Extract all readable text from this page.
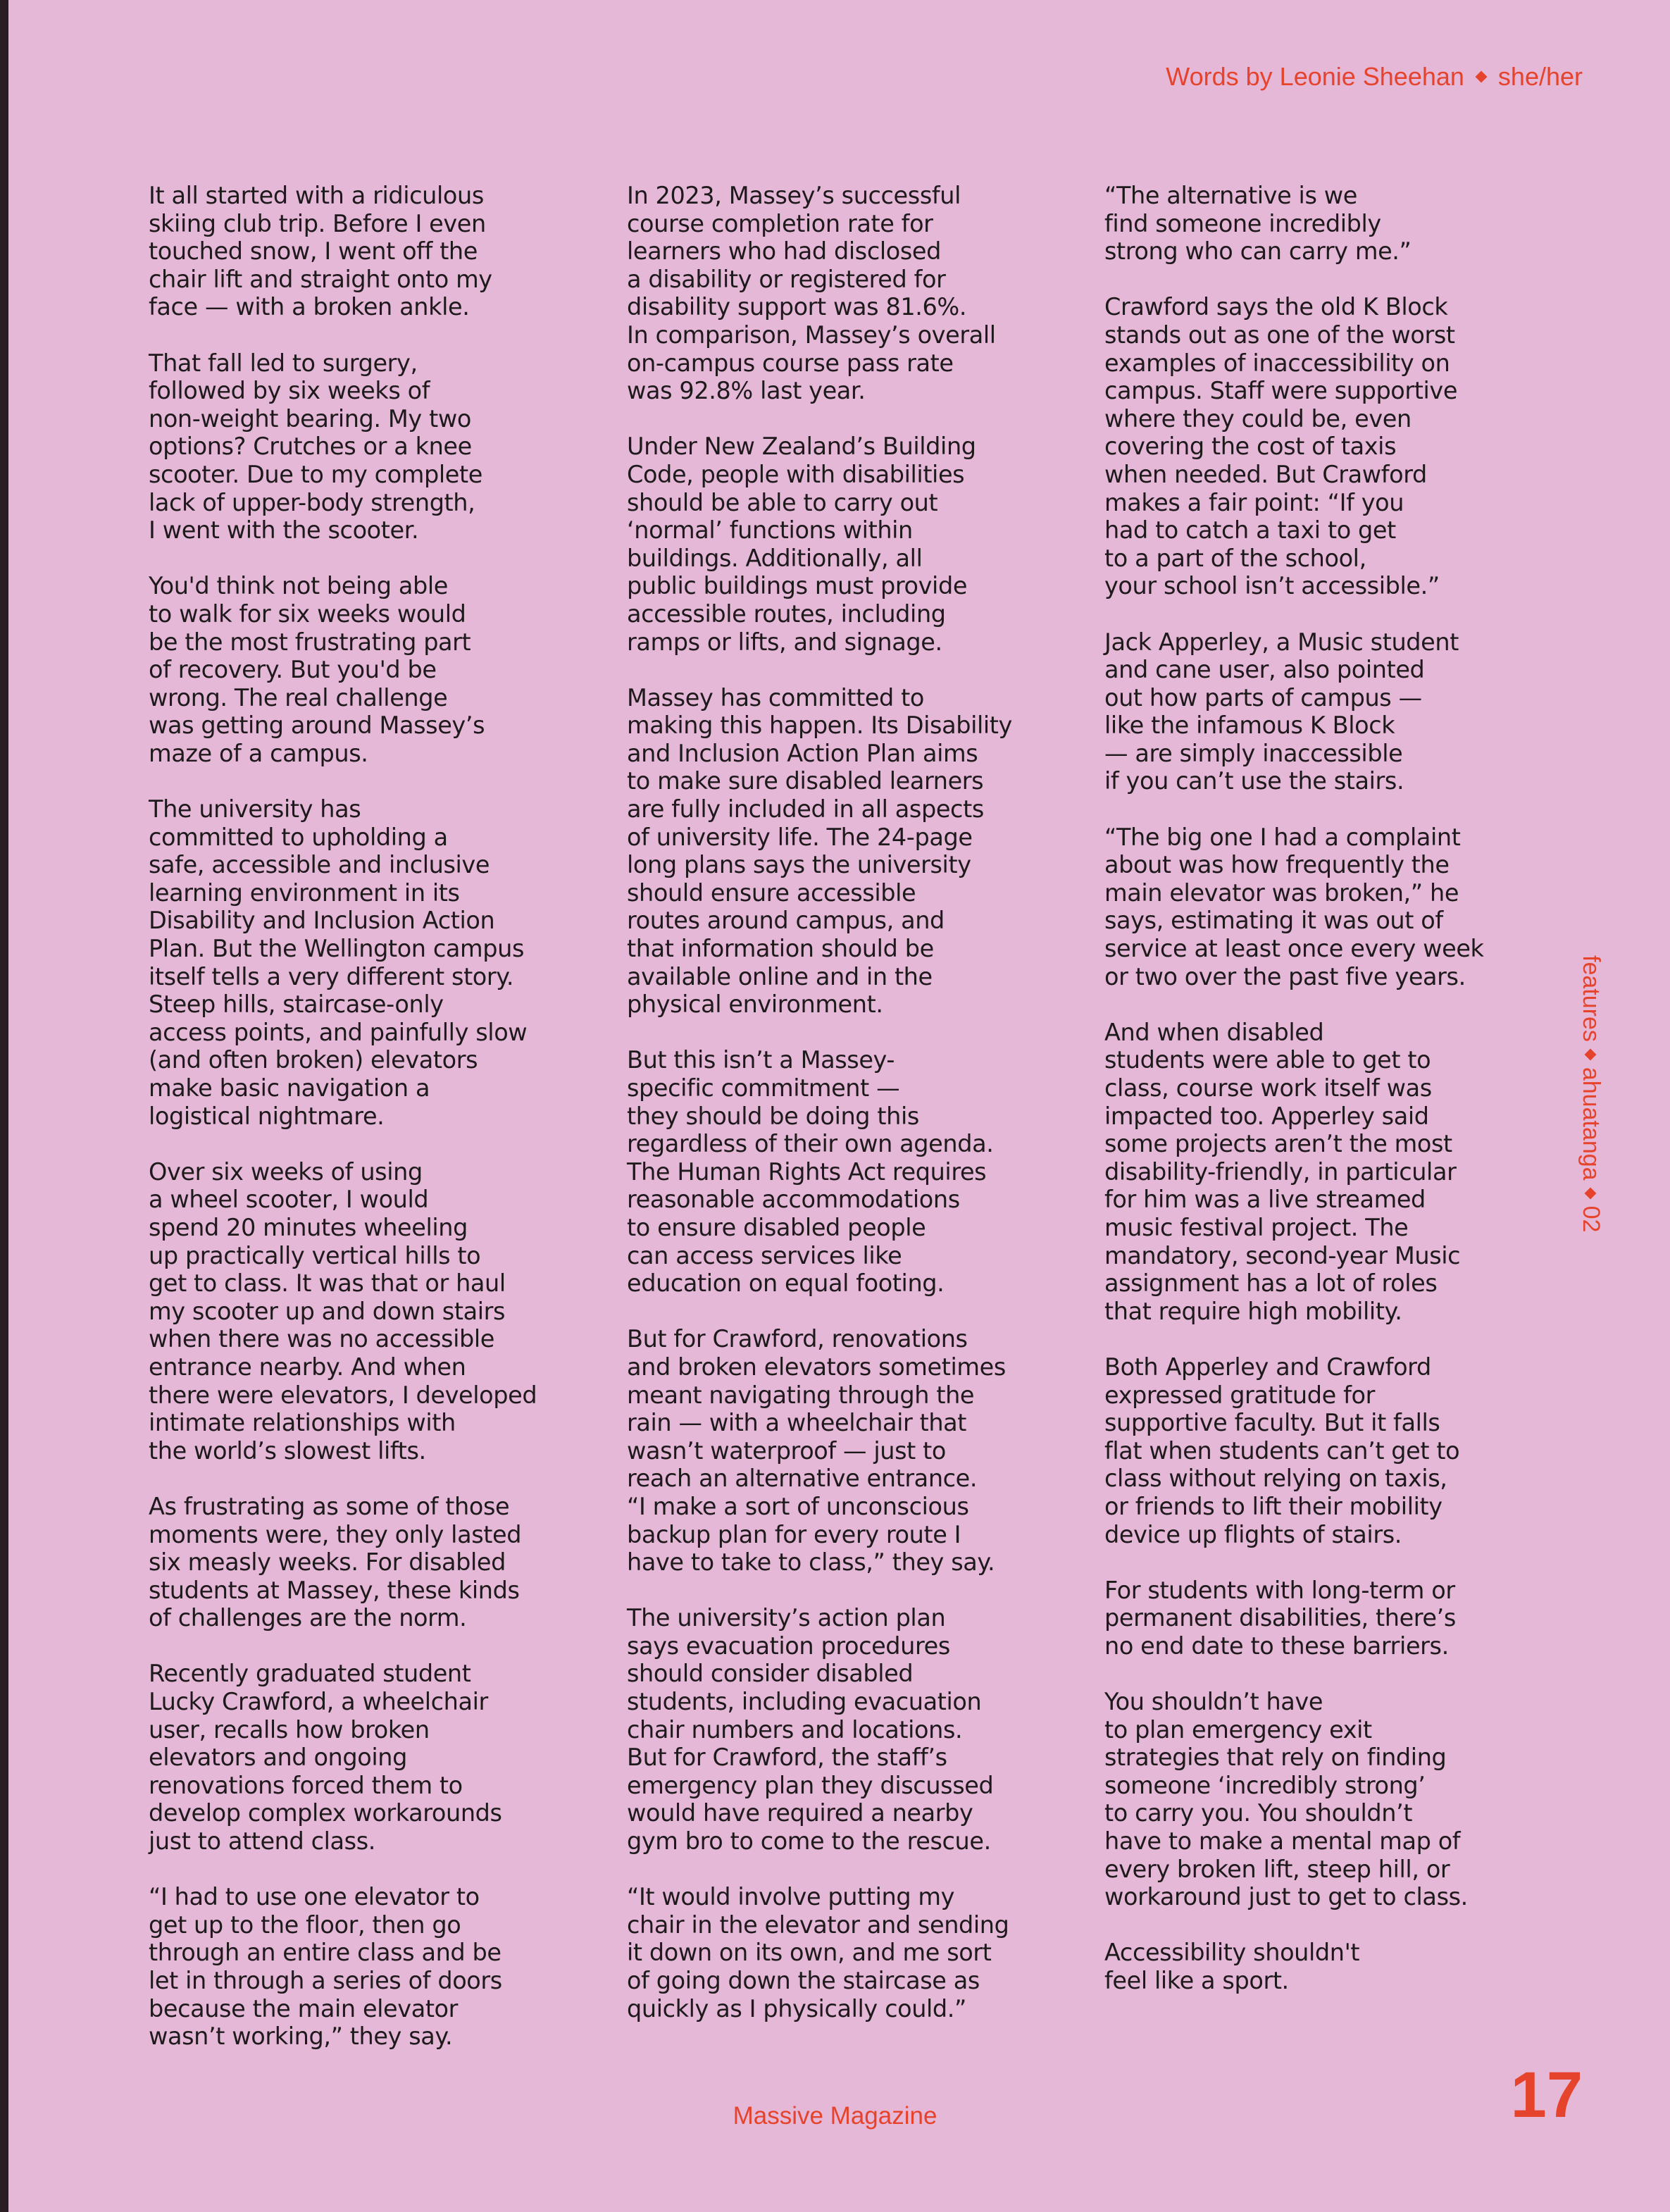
Words by Leonie Sheehan she/her

It all started with a ridiculous
skiing club trip. Before I even
touched snow, I went off the
chair lift and straight onto my
face — with a broken ankle.

That fall led to surgery,
followed by six weeks of
non-weight bearing. My two
options? Crutches or a knee
scooter. Due to my complete
lack of upper-body strength,
I went with the scooter.

You'd think not being able
to walk for six weeks would
be the most frustrating part
of recovery. But you'd be
wrong. The real challenge
was getting around Massey’s
maze of a campus.

The university has
committed to upholding a
safe, accessible and inclusive
learning environment in its
Disability and Inclusion Action
Plan. But the Wellington campus
itself tells a very different story.
Steep hills, staircase-only
access points, and painfully slow
(and often broken) elevators
make basic navigation a
logistical nightmare.

Over six weeks of using
a wheel scooter, I would
spend 20 minutes wheeling
up practically vertical hills to
get to class. It was that or haul
my scooter up and down stairs
when there was no accessible
entrance nearby. And when
there were elevators, I developed
intimate relationships with
the world’s slowest lifts.

As frustrating as some of those
moments were, they only lasted
six measly weeks. For disabled
students at Massey, these kinds
of challenges are the norm.

Recently graduated student
Lucky Crawford, a wheelchair
user, recalls how broken
elevators and ongoing
renovations forced them to
develop complex workarounds
just to attend class.

“I had to use one elevator to
get up to the floor, then go
through an entire class and be
let in through a series of doors
because the main elevator
wasn’t working,” they say.

In 2023, Massey’s successful
course completion rate for
learners who had disclosed
a disability or registered for
disability support was 81.6%.
In comparison, Massey’s overall
on-campus course pass rate
was 92.8% last year.

Under New Zealand’s Building
Code, people with disabilities
should be able to carry out
‘normal’ functions within
buildings. Additionally, all
public buildings must provide
accessible routes, including
ramps or lifts, and signage.

Massey has committed to
making this happen. Its Disability
and Inclusion Action Plan aims
to make sure disabled learners
are fully included in all aspects
of university life. The 24-page
long plans says the university
should ensure accessible
routes around campus, and
that information should be
available online and in the
physical environment.

But this isn’t a Massey-
specific commitment —
they should be doing this
regardless of their own agenda.
The Human Rights Act requires
reasonable accommodations
to ensure disabled people
can access services like
education on equal footing.

But for Crawford, renovations
and broken elevators sometimes
meant navigating through the
rain — with a wheelchair that
wasn’t waterproof — just to
reach an alternative entrance.
“I make a sort of unconscious
backup plan for every route I
have to take to class,” they say.

The university’s action plan
says evacuation procedures
should consider disabled
students, including evacuation
chair numbers and locations.
But for Crawford, the staff’s
emergency plan they discussed
would have required a nearby
gym bro to come to the rescue.

“It would involve putting my
chair in the elevator and sending
it down on its own, and me sort
of going down the staircase as
quickly as I physically could.”

“The alternative is we
find someone incredibly
strong who can carry me.”

Crawford says the old K Block
stands out as one of the worst
examples of inaccessibility on
campus. Staff were supportive
where they could be, even
covering the cost of taxis
when needed. But Crawford
makes a fair point: “If you
had to catch a taxi to get
to a part of the school,
your school isn’t accessible.”

Jack Apperley, a Music student
and cane user, also pointed
out how parts of campus —
like the infamous K Block
— are simply inaccessible
if you can’t use the stairs.

“The big one I had a complaint
about was how frequently the
main elevator was broken,” he
says, estimating it was out of
service at least once every week
or two over the past five years.

And when disabled
students were able to get to
class, course work itself was
impacted too. Apperley said
some projects aren’t the most
disability-friendly, in particular
for him was a live streamed
music festival project. The
mandatory, second-year Music
assignment has a lot of roles
that require high mobility.

Both Apperley and Crawford
expressed gratitude for
supportive faculty. But it falls
flat when students can’t get to
class without relying on taxis,
or friends to lift their mobility
device up flights of stairs.

For students with long-term or
permanent disabilities, there’s
no end date to these barriers.

You shouldn’t have
to plan emergency exit
strategies that rely on finding
someone ‘incredibly strong’
to carry you. You shouldn’t
have to make a mental map of
every broken lift, steep hill, or
workaround just to get to class.

Accessibility shouldn't
feel like a sport.

features
ahuatanga
02
Massive Magazine	17
